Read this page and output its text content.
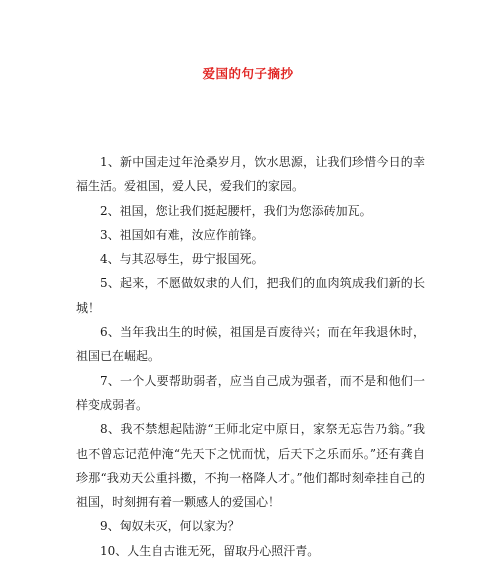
爱国的句子摘抄

1、新中国走过年沧桑岁月，饮水思源，让我们珍惜今日的幸福生活。爱祖国，爱人民，爱我们的家园。

2、祖国，您让我们挺起腰杆，我们为您添砖加瓦。

3、祖国如有难，汝应作前锋。

4、与其忍辱生，毋宁报国死。

5、起来，不愿做奴隶的人们，把我们的血肉筑成我们新的长城！

6、当年我出生的时候，祖国是百废待兴；而在年我退休时，祖国已在崛起。

7、一个人要帮助弱者，应当自己成为强者，而不是和他们一样变成弱者。

8、我不禁想起陆游“王师北定中原日，家祭无忘告乃翁。”我也不曾忘记范仲淹“先天下之忧而忧，后天下之乐而乐。”还有龚自珍那“我劝天公重抖擞，不拘一格降人才。”他们都时刻牵挂自己的祖国，时刻拥有着一颗感人的爱国心！

9、匈奴未灭，何以家为？

10、人生自古谁无死，留取丹心照汗青。
